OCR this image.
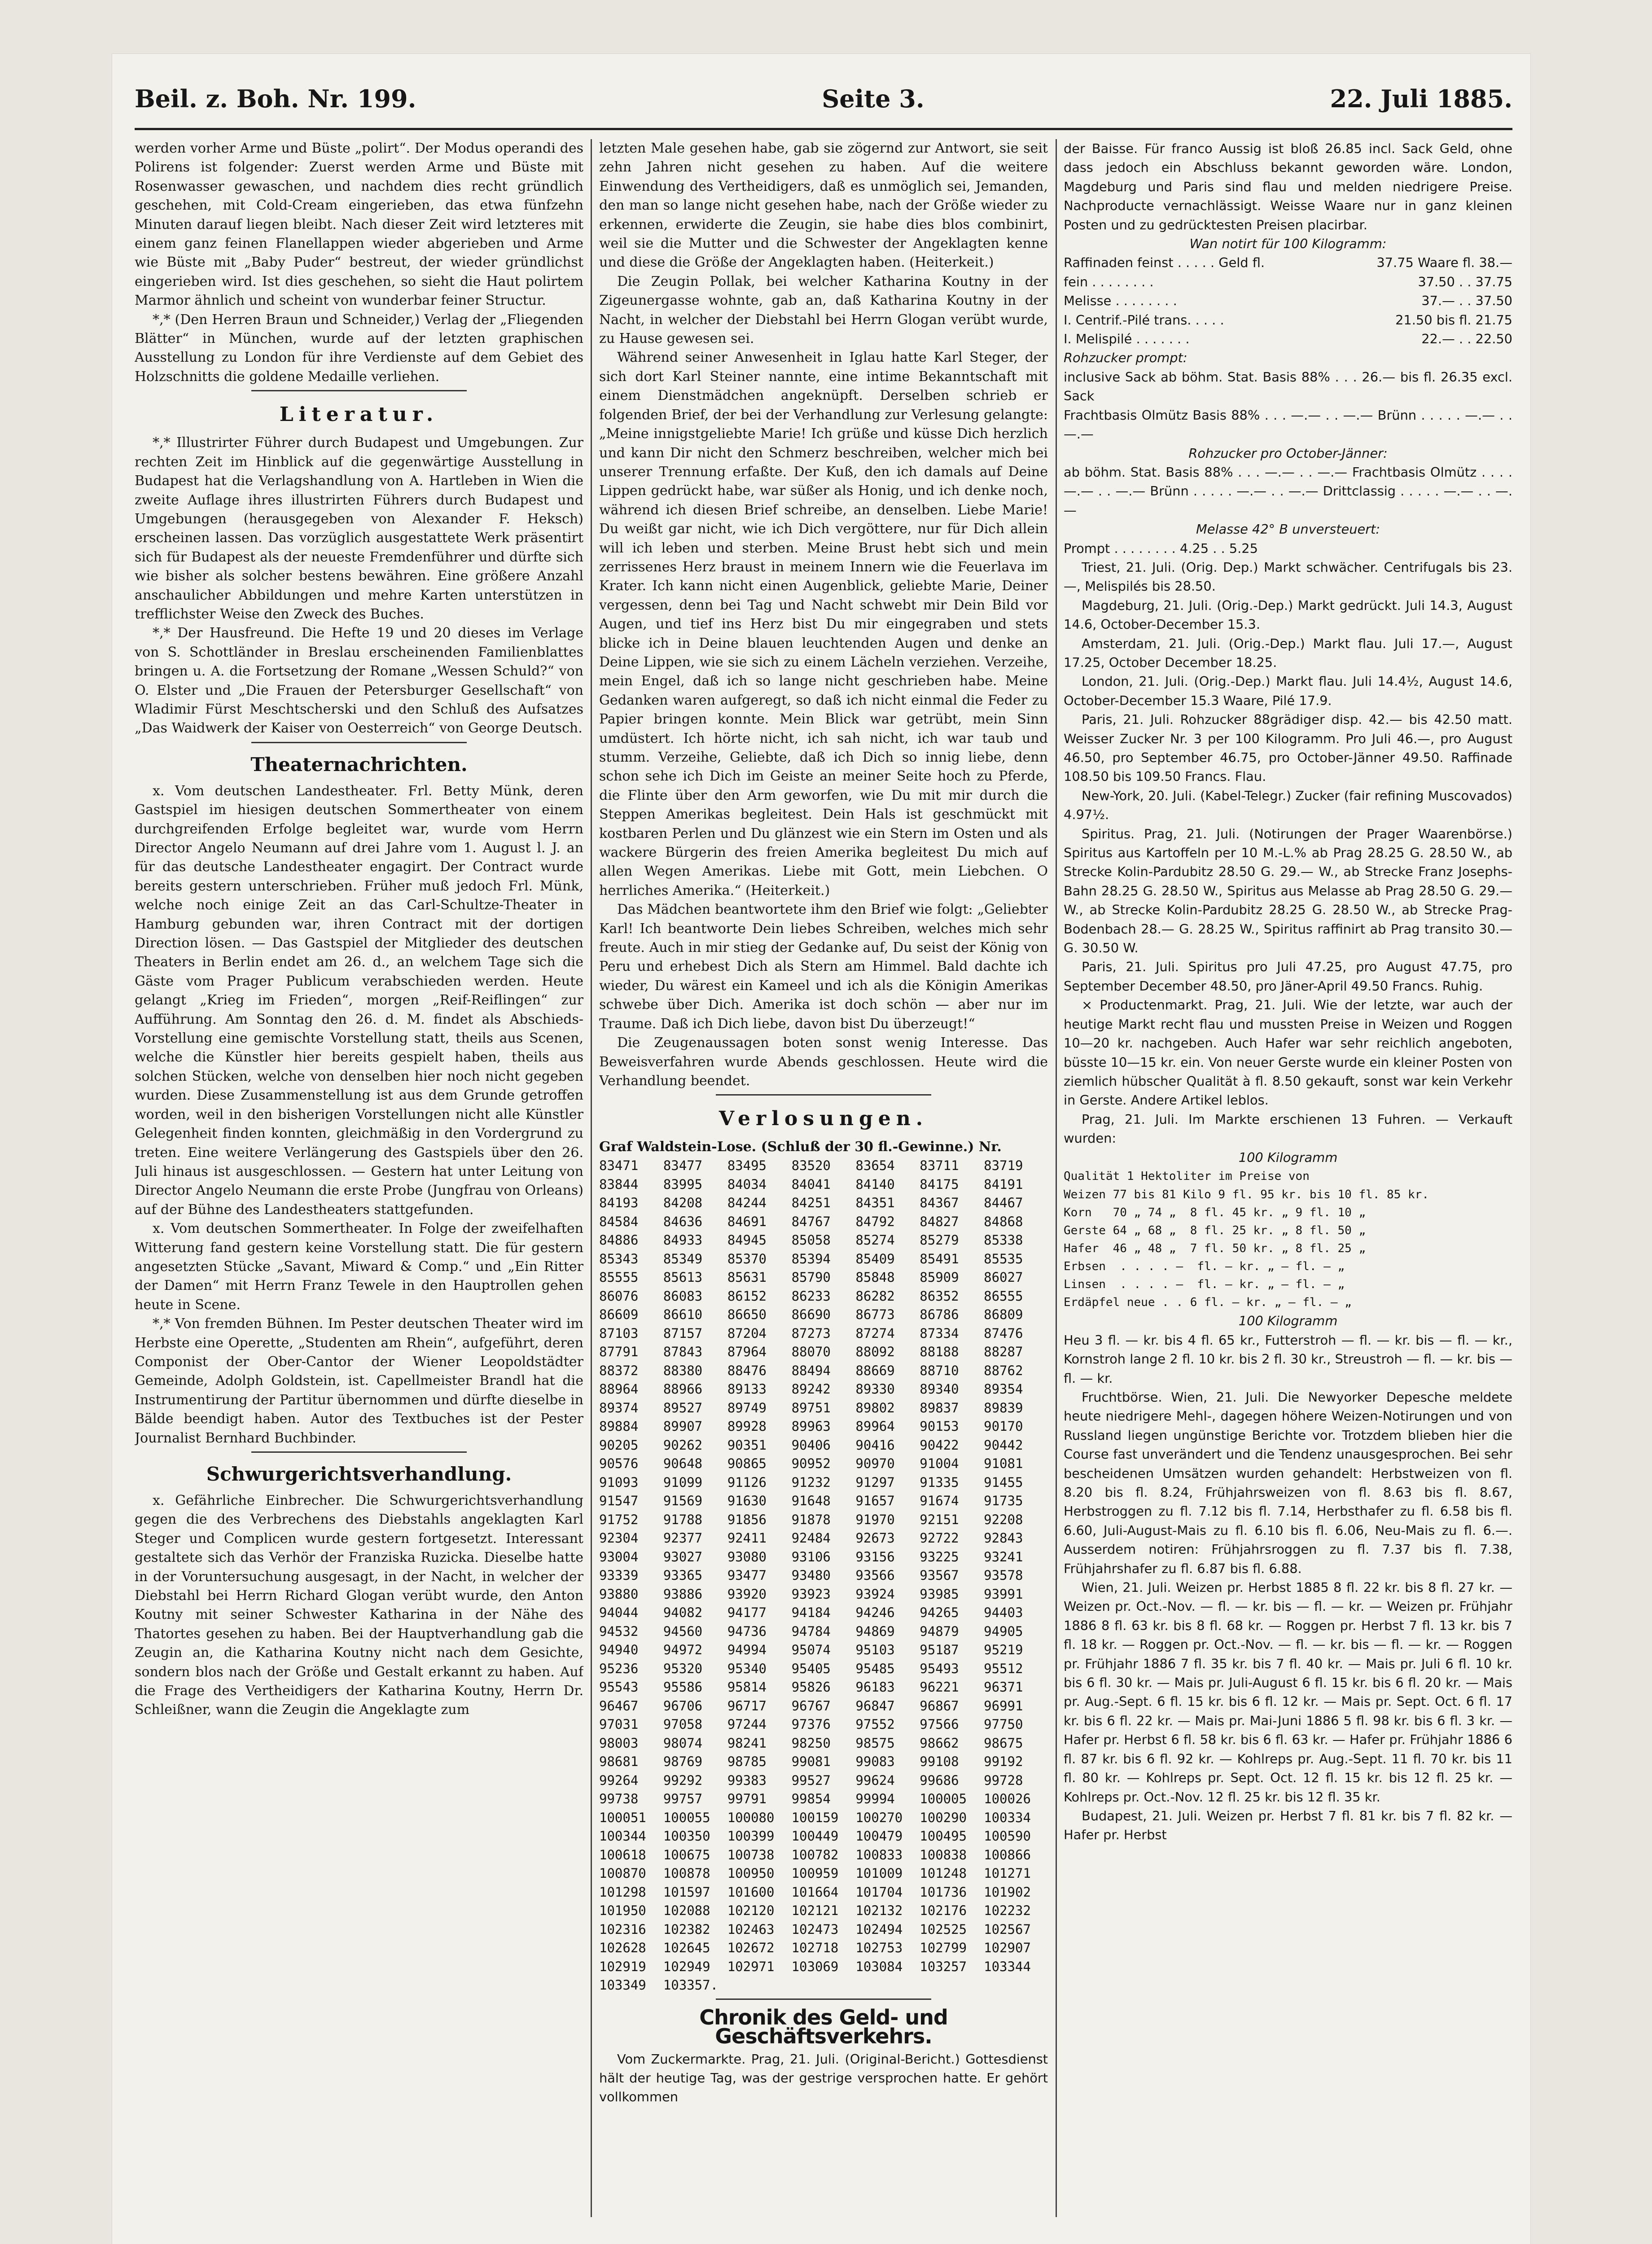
Beil. z. Boh. Nr. 199.	Seite 3.	22. Juli 1885.

werden vorher Arme und Büste „polirt“. Der Modus operandi des Polirens ist folgender: Zuerst werden Arme und Büste mit Rosenwasser gewaschen, und nachdem dies recht gründlich geschehen, mit Cold-Cream eingerieben, das etwa fünfzehn Minuten darauf liegen bleibt. Nach dieser Zeit wird letzteres mit einem ganz feinen Flanellappen wieder abgerieben und Arme wie Büste mit „Baby Puder“ bestreut, der wieder gründlichst eingerieben wird. Ist dies geschehen, so sieht die Haut polirtem Marmor ähnlich und scheint von wunderbar feiner Structur.

*,* (Den Herren Braun und Schneider,) Verlag der „Fliegenden Blätter“ in München, wurde auf der letzten graphischen Ausstellung zu London für ihre Verdienste auf dem Gebiet des Holzschnitts die goldene Medaille verliehen.

Literatur.

*,* Illustrirter Führer durch Budapest und Umgebungen. Zur rechten Zeit im Hinblick auf die gegenwärtige Ausstellung in Budapest hat die Verlagshandlung von A. Hartleben in Wien die zweite Auflage ihres illustrirten Führers durch Budapest und Umgebungen (herausgegeben von Alexander F. Heksch) erscheinen lassen. Das vorzüglich ausgestattete Werk präsentirt sich für Budapest als der neueste Fremdenführer und dürfte sich wie bisher als solcher bestens bewähren. Eine größere Anzahl anschaulicher Abbildungen und mehre Karten unterstützen in trefflichster Weise den Zweck des Buches.

*,* Der Hausfreund. Die Hefte 19 und 20 dieses im Verlage von S. Schottländer in Breslau erscheinenden Familienblattes bringen u. A. die Fortsetzung der Romane „Wessen Schuld?“ von O. Elster und „Die Frauen der Petersburger Gesellschaft“ von Wladimir Fürst Meschtscherski und den Schluß des Aufsatzes „Das Waidwerk der Kaiser von Oesterreich“ von George Deutsch.

Theaternachrichten.

x. Vom deutschen Landestheater. Frl. Betty Münk, deren Gastspiel im hiesigen deutschen Sommertheater von einem durchgreifenden Erfolge begleitet war, wurde vom Herrn Director Angelo Neumann auf drei Jahre vom 1. August l. J. an für das deutsche Landestheater engagirt. Der Contract wurde bereits gestern unterschrieben. Früher muß jedoch Frl. Münk, welche noch einige Zeit an das Carl-Schultze-Theater in Hamburg gebunden war, ihren Contract mit der dortigen Direction lösen. — Das Gastspiel der Mitglieder des deutschen Theaters in Berlin endet am 26. d., an welchem Tage sich die Gäste vom Prager Publicum verabschieden werden. Heute gelangt „Krieg im Frieden“, morgen „Reif-Reiflingen“ zur Aufführung. Am Sonntag den 26. d. M. findet als Abschieds-Vorstellung eine gemischte Vorstellung statt, theils aus Scenen, welche die Künstler hier bereits gespielt haben, theils aus solchen Stücken, welche von denselben hier noch nicht gegeben wurden. Diese Zusammenstellung ist aus dem Grunde getroffen worden, weil in den bisherigen Vorstellungen nicht alle Künstler Gelegenheit finden konnten, gleichmäßig in den Vordergrund zu treten. Eine weitere Verlängerung des Gastspiels über den 26. Juli hinaus ist ausgeschlossen. — Gestern hat unter Leitung von Director Angelo Neumann die erste Probe (Jungfrau von Orleans) auf der Bühne des Landestheaters stattgefunden.

x. Vom deutschen Sommertheater. In Folge der zweifelhaften Witterung fand gestern keine Vorstellung statt. Die für gestern angesetzten Stücke „Savant, Miward & Comp.“ und „Ein Ritter der Damen“ mit Herrn Franz Tewele in den Hauptrollen gehen heute in Scene.

*,* Von fremden Bühnen. Im Pester deutschen Theater wird im Herbste eine Operette, „Studenten am Rhein“, aufgeführt, deren Componist der Ober-Cantor der Wiener Leopoldstädter Gemeinde, Adolph Goldstein, ist. Capellmeister Brandl hat die Instrumentirung der Partitur übernommen und dürfte dieselbe in Bälde beendigt haben. Autor des Textbuches ist der Pester Journalist Bernhard Buchbinder.

Schwurgerichtsverhandlung.

x. Gefährliche Einbrecher. Die Schwurgerichtsverhandlung gegen die des Verbrechens des Diebstahls angeklagten Karl Steger und Complicen wurde gestern fortgesetzt. Interessant gestaltete sich das Verhör der Franziska Ruzicka. Dieselbe hatte in der Voruntersuchung ausgesagt, in der Nacht, in welcher der Diebstahl bei Herrn Richard Glogan verübt wurde, den Anton Koutny mit seiner Schwester Katharina in der Nähe des Thatortes gesehen zu haben. Bei der Hauptverhandlung gab die Zeugin an, die Katharina Koutny nicht nach dem Gesichte, sondern blos nach der Größe und Gestalt erkannt zu haben. Auf die Frage des Vertheidigers der Katharina Koutny, Herrn Dr. Schleißner, wann die Zeugin die Angeklagte zum

letzten Male gesehen habe, gab sie zögernd zur Antwort, sie seit zehn Jahren nicht gesehen zu haben. Auf die weitere Einwendung des Vertheidigers, daß es unmöglich sei, Jemanden, den man so lange nicht gesehen habe, nach der Größe wieder zu erkennen, erwiderte die Zeugin, sie habe dies blos combinirt, weil sie die Mutter und die Schwester der Angeklagten kenne und diese die Größe der Angeklagten haben. (Heiterkeit.)

Die Zeugin Pollak, bei welcher Katharina Koutny in der Zigeunergasse wohnte, gab an, daß Katharina Koutny in der Nacht, in welcher der Diebstahl bei Herrn Glogan verübt wurde, zu Hause gewesen sei.

Während seiner Anwesenheit in Iglau hatte Karl Steger, der sich dort Karl Steiner nannte, eine intime Bekanntschaft mit einem Dienstmädchen angeknüpft. Derselben schrieb er folgenden Brief, der bei der Verhandlung zur Verlesung gelangte: „Meine innigstgeliebte Marie! Ich grüße und küsse Dich herzlich und kann Dir nicht den Schmerz beschreiben, welcher mich bei unserer Trennung erfaßte. Der Kuß, den ich damals auf Deine Lippen gedrückt habe, war süßer als Honig, und ich denke noch, während ich diesen Brief schreibe, an denselben. Liebe Marie! Du weißt gar nicht, wie ich Dich vergöttere, nur für Dich allein will ich leben und sterben. Meine Brust hebt sich und mein zerrissenes Herz braust in meinem Innern wie die Feuerlava im Krater. Ich kann nicht einen Augenblick, geliebte Marie, Deiner vergessen, denn bei Tag und Nacht schwebt mir Dein Bild vor Augen, und tief ins Herz bist Du mir eingegraben und stets blicke ich in Deine blauen leuchtenden Augen und denke an Deine Lippen, wie sie sich zu einem Lächeln verziehen. Verzeihe, mein Engel, daß ich so lange nicht geschrieben habe. Meine Gedanken waren aufgeregt, so daß ich nicht einmal die Feder zu Papier bringen konnte. Mein Blick war getrübt, mein Sinn umdüstert. Ich hörte nicht, ich sah nicht, ich war taub und stumm. Verzeihe, Geliebte, daß ich Dich so innig liebe, denn schon sehe ich Dich im Geiste an meiner Seite hoch zu Pferde, die Flinte über den Arm geworfen, wie Du mit mir durch die Steppen Amerikas begleitest. Dein Hals ist geschmückt mit kostbaren Perlen und Du glänzest wie ein Stern im Osten und als wackere Bürgerin des freien Amerika begleitest Du mich auf allen Wegen Amerikas. Liebe mit Gott, mein Liebchen. O herrliches Amerika.“ (Heiterkeit.)

Das Mädchen beantwortete ihm den Brief wie folgt: „Geliebter Karl! Ich beantworte Dein liebes Schreiben, welches mich sehr freute. Auch in mir stieg der Gedanke auf, Du seist der König von Peru und erhebest Dich als Stern am Himmel. Bald dachte ich wieder, Du wärest ein Kameel und ich als die Königin Amerikas schwebe über Dich. Amerika ist doch schön — aber nur im Traume. Daß ich Dich liebe, davon bist Du überzeugt!“

Die Zeugenaussagen boten sonst wenig Interesse. Das Beweisverfahren wurde Abends geschlossen. Heute wird die Verhandlung beendet.

Verlosungen.
Graf Waldstein-Lose. (Schluß der 30 fl.-Gewinne.) Nr.
83471	83477	83495	83520	83654	83711	83719
83844	83995	84034	84041	84140	84175	84191
84193	84208	84244	84251	84351	84367	84467
84584	84636	84691	84767	84792	84827	84868
84886	84933	84945	85058	85274	85279	85338
85343	85349	85370	85394	85409	85491	85535
85555	85613	85631	85790	85848	85909	86027
86076	86083	86152	86233	86282	86352	86555
86609	86610	86650	86690	86773	86786	86809
87103	87157	87204	87273	87274	87334	87476
87791	87843	87964	88070	88092	88188	88287
88372	88380	88476	88494	88669	88710	88762
88964	88966	89133	89242	89330	89340	89354
89374	89527	89749	89751	89802	89837	89839
89884	89907	89928	89963	89964	90153	90170
90205	90262	90351	90406	90416	90422	90442
90576	90648	90865	90952	90970	91004	91081
91093	91099	91126	91232	91297	91335	91455
91547	91569	91630	91648	91657	91674	91735
91752	91788	91856	91878	91970	92151	92208
92304	92377	92411	92484	92673	92722	92843
93004	93027	93080	93106	93156	93225	93241
93339	93365	93477	93480	93566	93567	93578
93880	93886	93920	93923	93924	93985	93991
94044	94082	94177	94184	94246	94265	94403
94532	94560	94736	94784	94869	94879	94905
94940	94972	94994	95074	95103	95187	95219
95236	95320	95340	95405	95485	95493	95512
95543	95586	95814	95826	96183	96221	96371
96467	96706	96717	96767	96847	96867	96991
97031	97058	97244	97376	97552	97566	97750
98003	98074	98241	98250	98575	98662	98675
98681	98769	98785	99081	99083	99108	99192
99264	99292	99383	99527	99624	99686	99728
99738	99757	99791	99854	99994	100005	100026
100051	100055	100080	100159	100270	100290	100334
100344	100350	100399	100449	100479	100495	100590
100618	100675	100738	100782	100833	100838	100866
100870	100878	100950	100959	101009	101248	101271
101298	101597	101600	101664	101704	101736	101902
101950	102088	102120	102121	102132	102176	102232
102316	102382	102463	102473	102494	102525	102567
102628	102645	102672	102718	102753	102799	102907
102919	102949	102971	103069	103084	103257	103344
103349	103357.
Chronik des Geld- und Geschäftsverkehrs.

Vom Zuckermarkte. Prag, 21. Juli. (Original-Bericht.) Gottesdienst hält der heutige Tag, was der gestrige versprochen hatte. Er gehört vollkommen

der Baisse. Für franco Aussig ist bloß 26.85 incl. Sack Geld, ohne dass jedoch ein Abschluss bekannt geworden wäre. London, Magdeburg und Paris sind flau und melden niedrigere Preise. Nachproducte vernachlässigt. Weisse Waare nur in ganz kleinen Posten und zu gedrücktesten Preisen placirbar.

Wan notirt für 100 Kilogramm:
Raffinaden feinst . . . . . Geld fl.	37.75 Waare fl. 38.—
fein . . . . . . . .	37.50 . . 37.75
Melisse . . . . . . . .	37.— . . 37.50
I. Centrif.-Pilé trans. . . . .	21.50 bis fl. 21.75
I. Melispilé . . . . . . .	22.— . . 22.50
Rohzucker prompt:

inclusive Sack ab böhm. Stat. Basis 88% . . . 26.— bis fl. 26.35 excl. Sack

Frachtbasis Olmütz Basis 88% . . . —.— . . —.— Brünn . . . . . —.— . . —.—

Rohzucker pro October-Jänner:

ab böhm. Stat. Basis 88% . . . —.— . . —.— Frachtbasis Olmütz . . . . —.— . . —.— Brünn . . . . . —.— . . —.— Drittclassig . . . . . —.— . . —.—

Melasse 42° B unversteuert:

Prompt . . . . . . . . 4.25 . . 5.25

Triest, 21. Juli. (Orig. Dep.) Markt schwächer. Centrifugals bis 23.—, Melispilés bis 28.50.

Magdeburg, 21. Juli. (Orig.-Dep.) Markt gedrückt. Juli 14.3, August 14.6, October-December 15.3.

Amsterdam, 21. Juli. (Orig.-Dep.) Markt flau. Juli 17.—, August 17.25, October December 18.25.

London, 21. Juli. (Orig.-Dep.) Markt flau. Juli 14.4½, August 14.6, October-December 15.3 Waare, Pilé 17.9.

Paris, 21. Juli. Rohzucker 88grädiger disp. 42.— bis 42.50 matt. Weisser Zucker Nr. 3 per 100 Kilogramm. Pro Juli 46.—, pro August 46.50, pro September 46.75, pro October-Jänner 49.50. Raffinade 108.50 bis 109.50 Francs. Flau.

New-York, 20. Juli. (Kabel-Telegr.) Zucker (fair refining Muscovados) 4.97½.

Spiritus. Prag, 21. Juli. (Notirungen der Prager Waarenbörse.) Spiritus aus Kartoffeln per 10 M.-L.% ab Prag 28.25 G. 28.50 W., ab Strecke Kolin-Pardubitz 28.50 G. 29.— W., ab Strecke Franz Josephs-Bahn 28.25 G. 28.50 W., Spiritus aus Melasse ab Prag 28.50 G. 29.— W., ab Strecke Kolin-Pardubitz 28.25 G. 28.50 W., ab Strecke Prag-Bodenbach 28.— G. 28.25 W., Spiritus raffinirt ab Prag transito 30.— G. 30.50 W.

Paris, 21. Juli. Spiritus pro Juli 47.25, pro August 47.75, pro September December 48.50, pro Jäner-April 49.50 Francs. Ruhig.

× Productenmarkt. Prag, 21. Juli. Wie der letzte, war auch der heutige Markt recht flau und mussten Preise in Weizen und Roggen 10—20 kr. nachgeben. Auch Hafer war sehr reichlich angeboten, büsste 10—15 kr. ein. Von neuer Gerste wurde ein kleiner Posten von ziemlich hübscher Qualität à fl. 8.50 gekauft, sonst war kein Verkehr in Gerste. Andere Artikel leblos.

Prag, 21. Juli. Im Markte erschienen 13 Fuhren. — Verkauft wurden:

100 Kilogramm
Qualität 1 Hektoliter im Preise von
Weizen 77 bis 81 Kilo 9 fl. 95 kr. bis 10 fl. 85 kr.
Korn   70 „ 74 „  8 fl. 45 kr. „ 9 fl. 10 „
Gerste 64 „ 68 „  8 fl. 25 kr. „ 8 fl. 50 „
Hafer  46 „ 48 „  7 fl. 50 kr. „ 8 fl. 25 „
Erbsen  . . . . —  fl. — kr. „ — fl. — „
Linsen  . . . . —  fl. — kr. „ — fl. — „
Erdäpfel neue . . 6 fl. — kr. „ — fl. — „
100 Kilogramm

Heu 3 fl. — kr. bis 4 fl. 65 kr., Futterstroh — fl. — kr. bis — fl. — kr., Kornstroh lange 2 fl. 10 kr. bis 2 fl. 30 kr., Streustroh — fl. — kr. bis — fl. — kr.

Fruchtbörse. Wien, 21. Juli. Die Newyorker Depesche meldete heute niedrigere Mehl-, dagegen höhere Weizen-Notirungen und von Russland liegen ungünstige Berichte vor. Trotzdem blieben hier die Course fast unverändert und die Tendenz unausgesprochen. Bei sehr bescheidenen Umsätzen wurden gehandelt: Herbstweizen von fl. 8.20 bis fl. 8.24, Frühjahrsweizen von fl. 8.63 bis fl. 8.67, Herbstroggen zu fl. 7.12 bis fl. 7.14, Herbsthafer zu fl. 6.58 bis fl. 6.60, Juli-August-Mais zu fl. 6.10 bis fl. 6.06, Neu-Mais zu fl. 6.—. Ausserdem notiren: Frühjahrsroggen zu fl. 7.37 bis fl. 7.38, Frühjahrshafer zu fl. 6.87 bis fl. 6.88.

Wien, 21. Juli. Weizen pr. Herbst 1885 8 fl. 22 kr. bis 8 fl. 27 kr. — Weizen pr. Oct.-Nov. — fl. — kr. bis — fl. — kr. — Weizen pr. Frühjahr 1886 8 fl. 63 kr. bis 8 fl. 68 kr. — Roggen pr. Herbst 7 fl. 13 kr. bis 7 fl. 18 kr. — Roggen pr. Oct.-Nov. — fl. — kr. bis — fl. — kr. — Roggen pr. Frühjahr 1886 7 fl. 35 kr. bis 7 fl. 40 kr. — Mais pr. Juli 6 fl. 10 kr. bis 6 fl. 30 kr. — Mais pr. Juli-August 6 fl. 15 kr. bis 6 fl. 20 kr. — Mais pr. Aug.-Sept. 6 fl. 15 kr. bis 6 fl. 12 kr. — Mais pr. Sept. Oct. 6 fl. 17 kr. bis 6 fl. 22 kr. — Mais pr. Mai-Juni 1886 5 fl. 98 kr. bis 6 fl. 3 kr. — Hafer pr. Herbst 6 fl. 58 kr. bis 6 fl. 63 kr. — Hafer pr. Frühjahr 1886 6 fl. 87 kr. bis 6 fl. 92 kr. — Kohlreps pr. Aug.-Sept. 11 fl. 70 kr. bis 11 fl. 80 kr. — Kohlreps pr. Sept. Oct. 12 fl. 15 kr. bis 12 fl. 25 kr. — Kohlreps pr. Oct.-Nov. 12 fl. 25 kr. bis 12 fl. 35 kr.

Budapest, 21. Juli. Weizen pr. Herbst 7 fl. 81 kr. bis 7 fl. 82 kr. — Hafer pr. Herbst
